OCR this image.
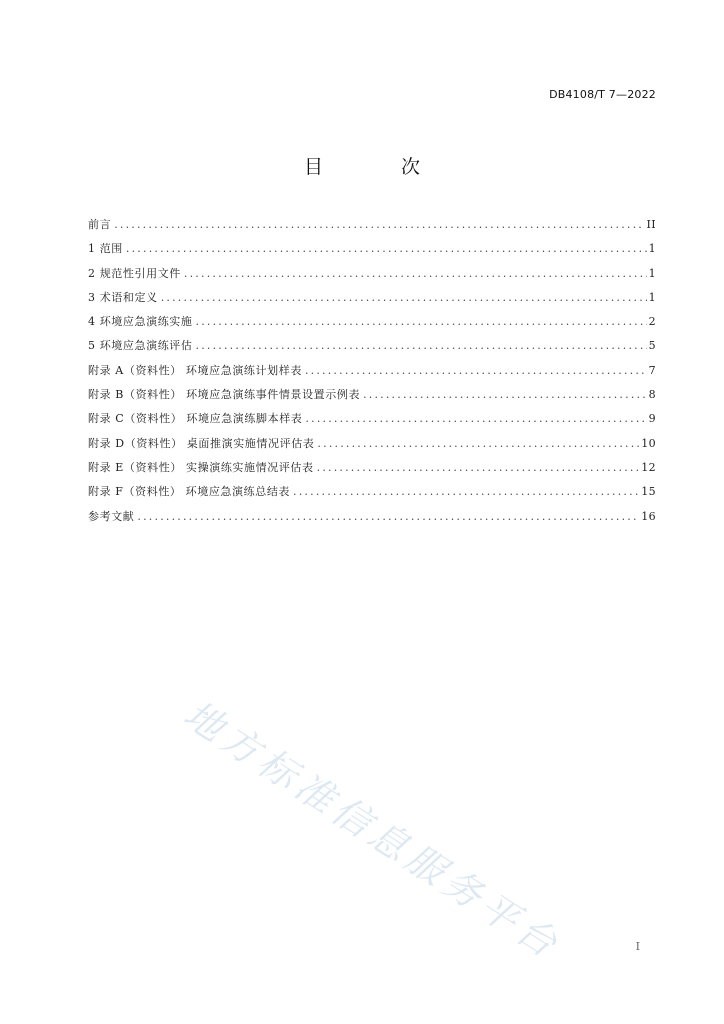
DB4108/T 7—2022
目 次
前言 .....	II
1 范围 .....	1
2 规范性引用文件 .....	1
3 术语和定义 .....	1
4 环境应急演练实施 .....	2
5 环境应急演练评估 .....	5
附录 A（资料性） 环境应急演练计划样表 .....	7
附录 B（资料性） 环境应急演练事件情景设置示例表 .....	8
附录 C（资料性） 环境应急演练脚本样表 .....	9
附录 D（资料性） 桌面推演实施情况评估表 .....	10
附录 E（资料性） 实操演练实施情况评估表 .....	12
附录 F（资料性） 环境应急演练总结表 .....	15
参考文献 .....	16
地方标准信息服务平台	I
